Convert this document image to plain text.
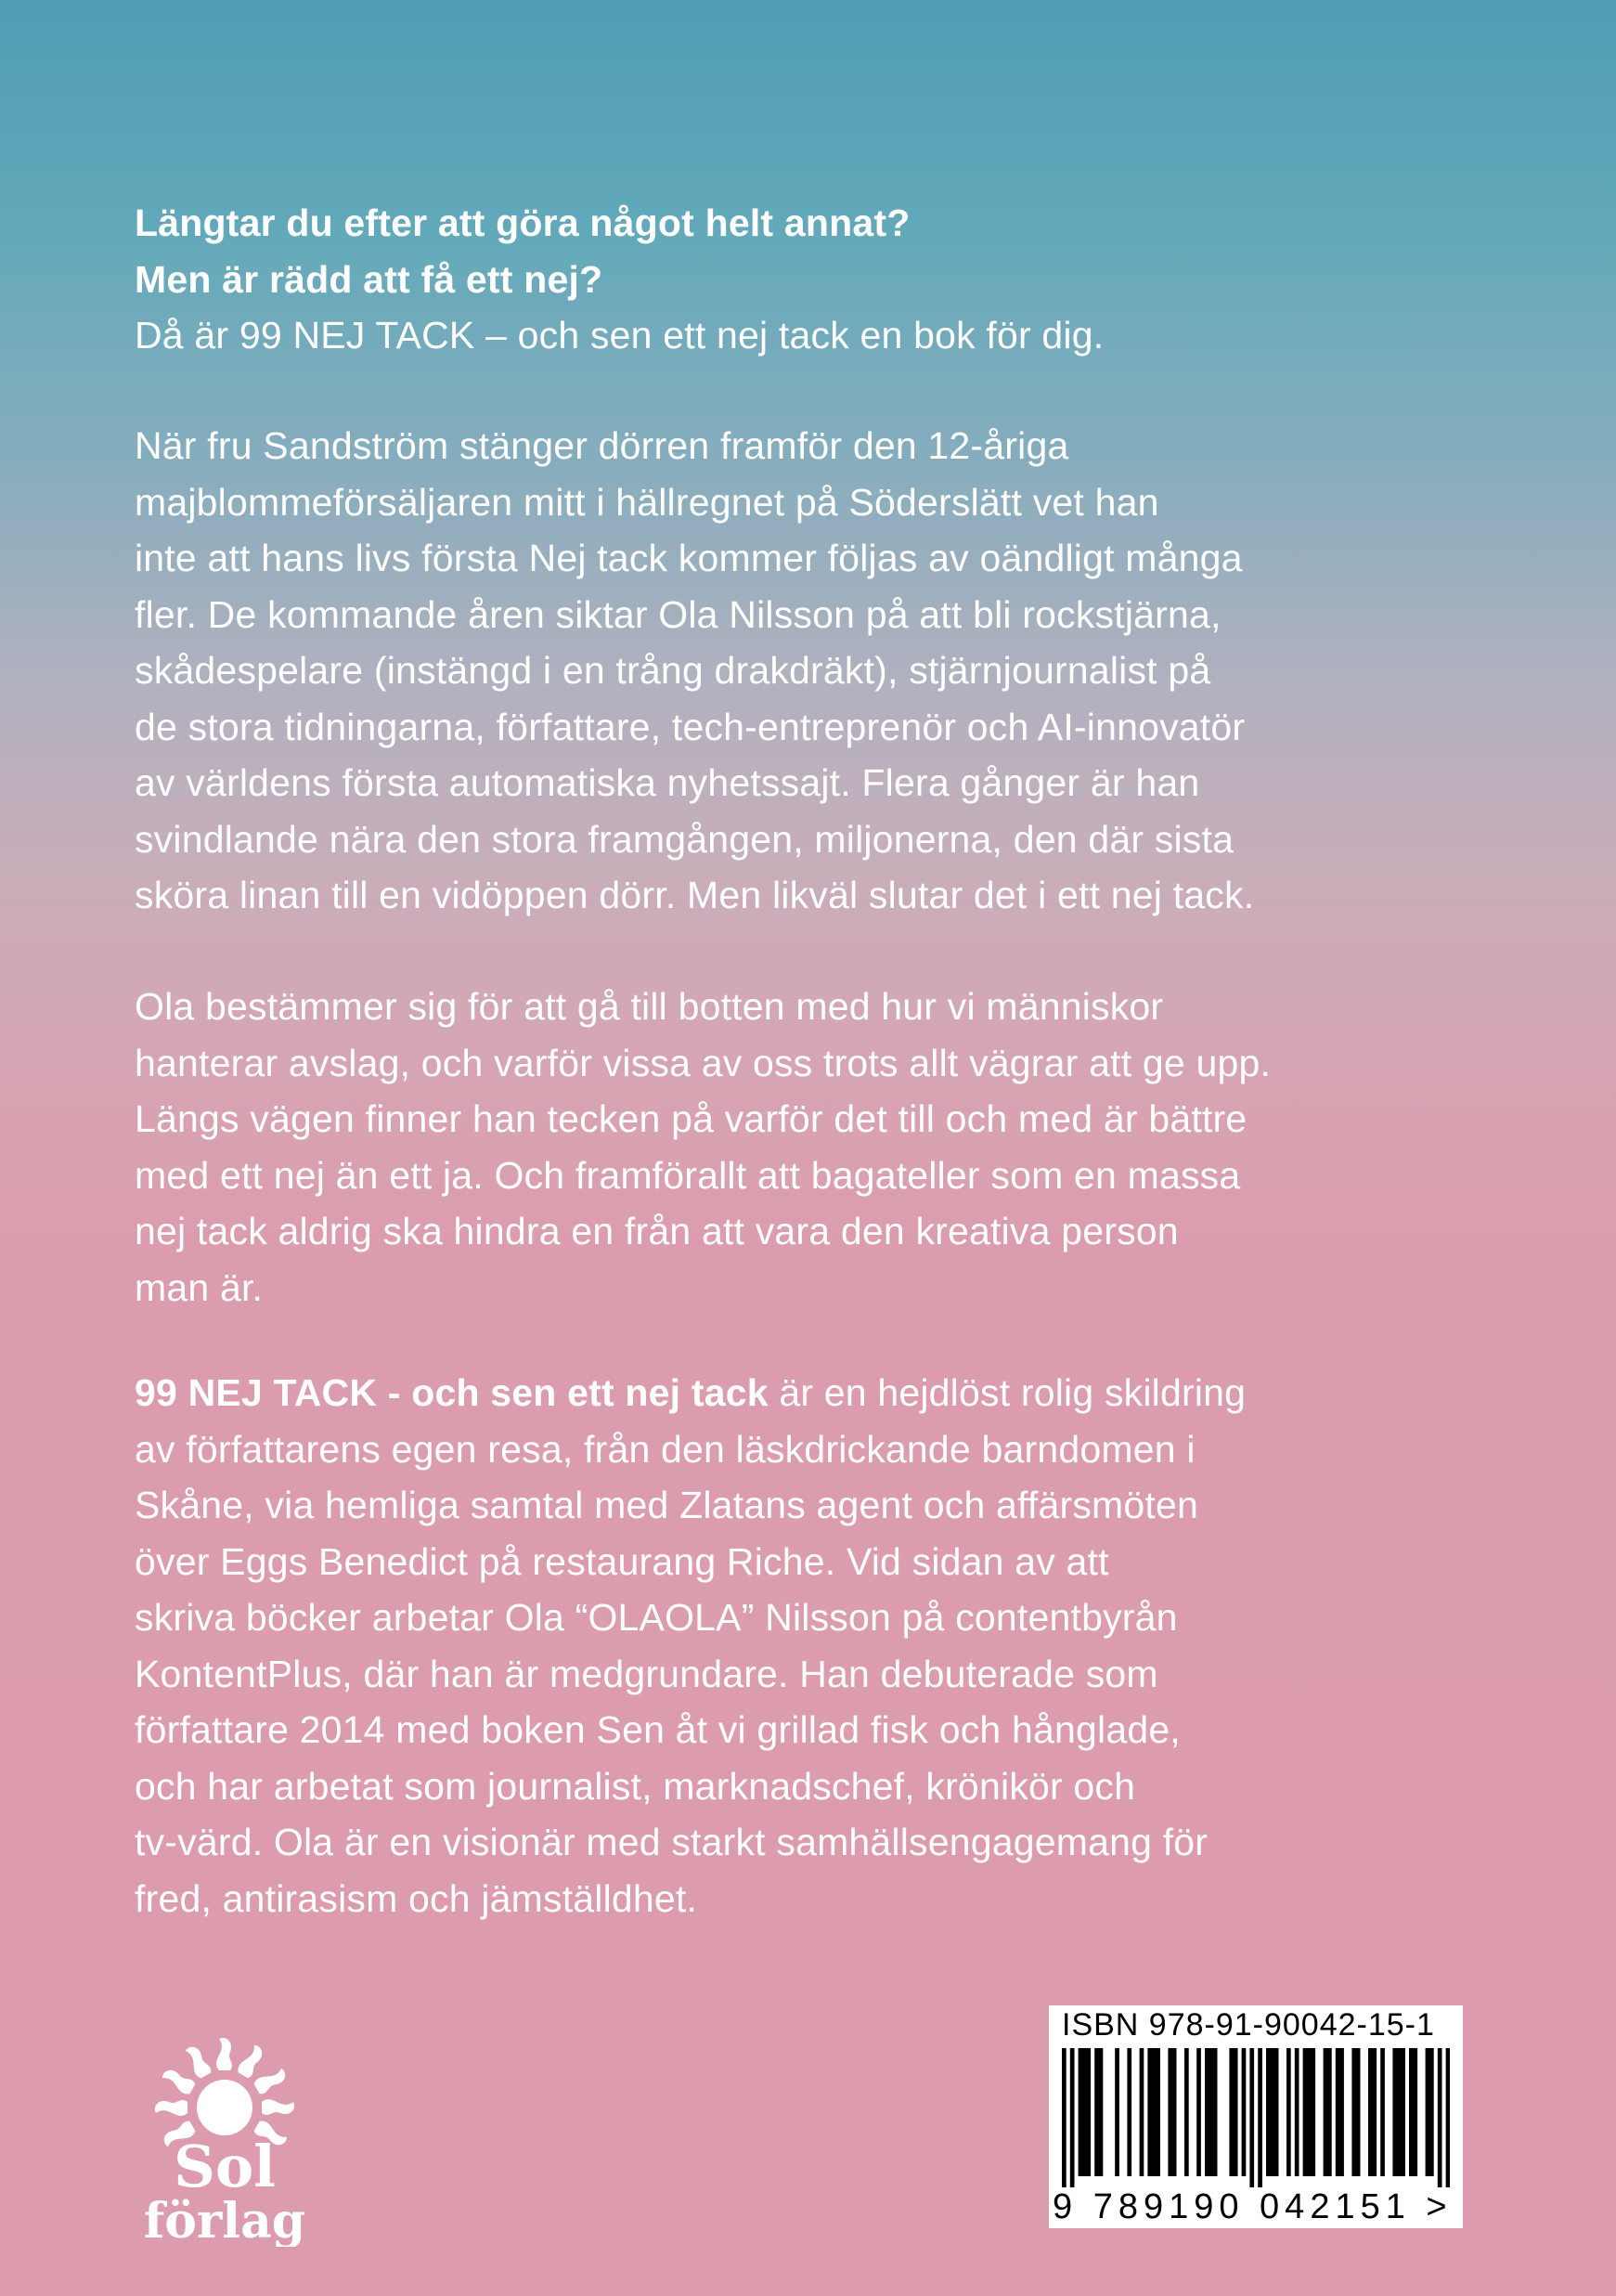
Längtar du efter att göra något helt annat?
Men är rädd att få ett nej?
Då är 99 NEJ TACK – och sen ett nej tack en bok för dig.
När fru Sandström stänger dörren framför den 12-åriga
majblommeförsäljaren mitt i hällregnet på Söderslätt vet han
inte att hans livs första Nej tack kommer följas av oändligt många
fler. De kommande åren siktar Ola Nilsson på att bli rockstjärna,
skådespelare (instängd i en trång drakdräkt), stjärnjournalist på
de stora tidningarna, författare, tech-entreprenör och AI-innovatör
av världens första automatiska nyhetssajt. Flera gånger är han
svindlande nära den stora framgången, miljonerna, den där sista
sköra linan till en vidöppen dörr. Men likväl slutar det i ett nej tack.
Ola bestämmer sig för att gå till botten med hur vi människor
hanterar avslag, och varför vissa av oss trots allt vägrar att ge upp.
Längs vägen finner han tecken på varför det till och med är bättre
med ett nej än ett ja. Och framförallt att bagateller som en massa
nej tack aldrig ska hindra en från att vara den kreativa person
man är.
99 NEJ TACK - och sen ett nej tack är en hejdlöst rolig skildring
av författarens egen resa, från den läskdrickande barndomen i
Skåne, via hemliga samtal med Zlatans agent och affärsmöten
över Eggs Benedict på restaurang Riche. Vid sidan av att
skriva böcker arbetar Ola “OLAOLA” Nilsson på contentbyrån
KontentPlus, där han är medgrundare. Han debuterade som
författare 2014 med boken Sen åt vi grillad fisk och hånglade,
och har arbetat som journalist, marknadschef, krönikör och
tv-värd. Ola är en visionär med starkt samhällsengagemang för
fred, antirasism och jämställdhet.
Sol
förlag
ISBN 978-91-90042-15-1
9 789190 042151 >
